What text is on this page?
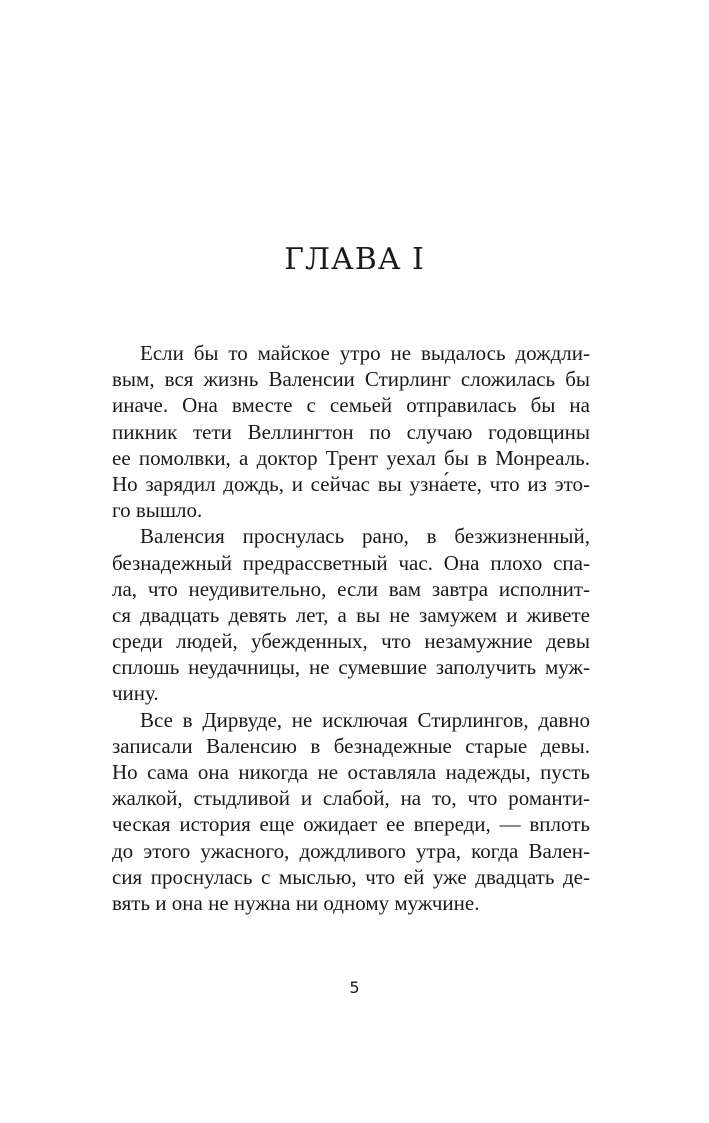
ГЛАВА I

Если бы то майское утро не выдалось дождли-
вым, вся жизнь Валенсии Стирлинг сложилась бы
иначе. Она вместе с семьей отправилась бы на
пикник тети Веллингтон по случаю годовщины
ее помолвки, а доктор Трент уехал бы в Монреаль.
Но зарядил дождь, и сейчас вы узна́ете, что из это-
го вышло.

Валенсия проснулась рано, в безжизненный,
безнадежный предрассветный час. Она плохо спа-
ла, что неудивительно, если вам завтра исполнит-
ся двадцать девять лет, а вы не замужем и живете
среди людей, убежденных, что незамужние девы
сплошь неудачницы, не сумевшие заполучить муж-
чину.

Все в Дирвуде, не исключая Стирлингов, давно
записали Валенсию в безнадежные старые девы.
Но сама она никогда не оставляла надежды, пусть
жалкой, стыдливой и слабой, на то, что романти-
ческая история еще ожидает ее впереди, — вплоть
до этого ужасного, дождливого утра, когда Вален-
сия проснулась с мыслью, что ей уже двадцать де-
вять и она не нужна ни одному мужчине.

5
